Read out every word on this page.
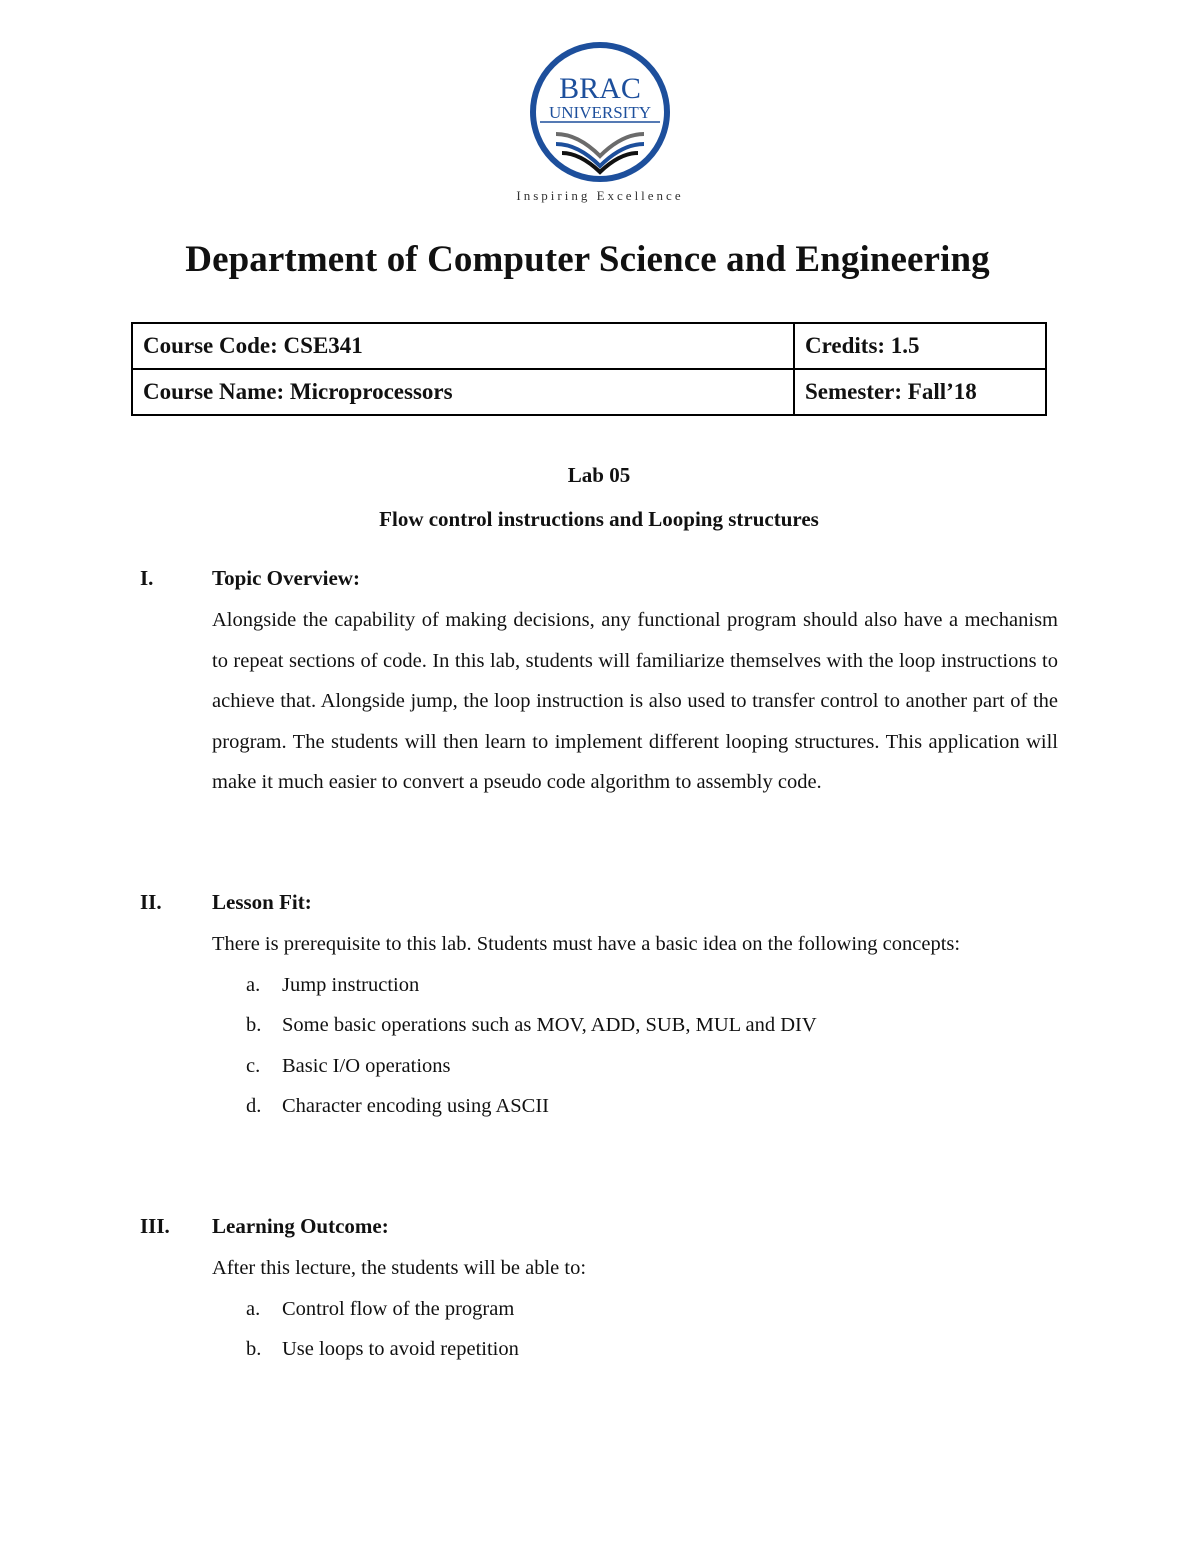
BRAC
UNIVERSITY
Inspiring Excellence
Department of Computer Science and Engineering
Course Code: CSE341	Credits: 1.5
Course Name: Microprocessors	Semester: Fall’18
Lab 05
Flow control instructions and Looping structures
I.	Topic Overview:
Alongside the capability of making decisions, any functional program should also have a mechanism to repeat sections of code. In this lab, students will familiarize themselves with the loop instructions to achieve that. Alongside jump, the loop instruction is also used to transfer control to another part of the program. The students will then learn to implement different looping structures. This application will make it much easier to convert a pseudo code algorithm to assembly code.
II. Lesson Fit:
There is prerequisite to this lab. Students must have a basic idea on the following concepts:
a. Jump instruction
b. Some basic operations such as MOV, ADD, SUB, MUL and DIV
c. Basic I/O operations
d. Character encoding using ASCII
III. Learning Outcome:
After this lecture, the students will be able to:
a. Control flow of the program
b. Use loops to avoid repetition
